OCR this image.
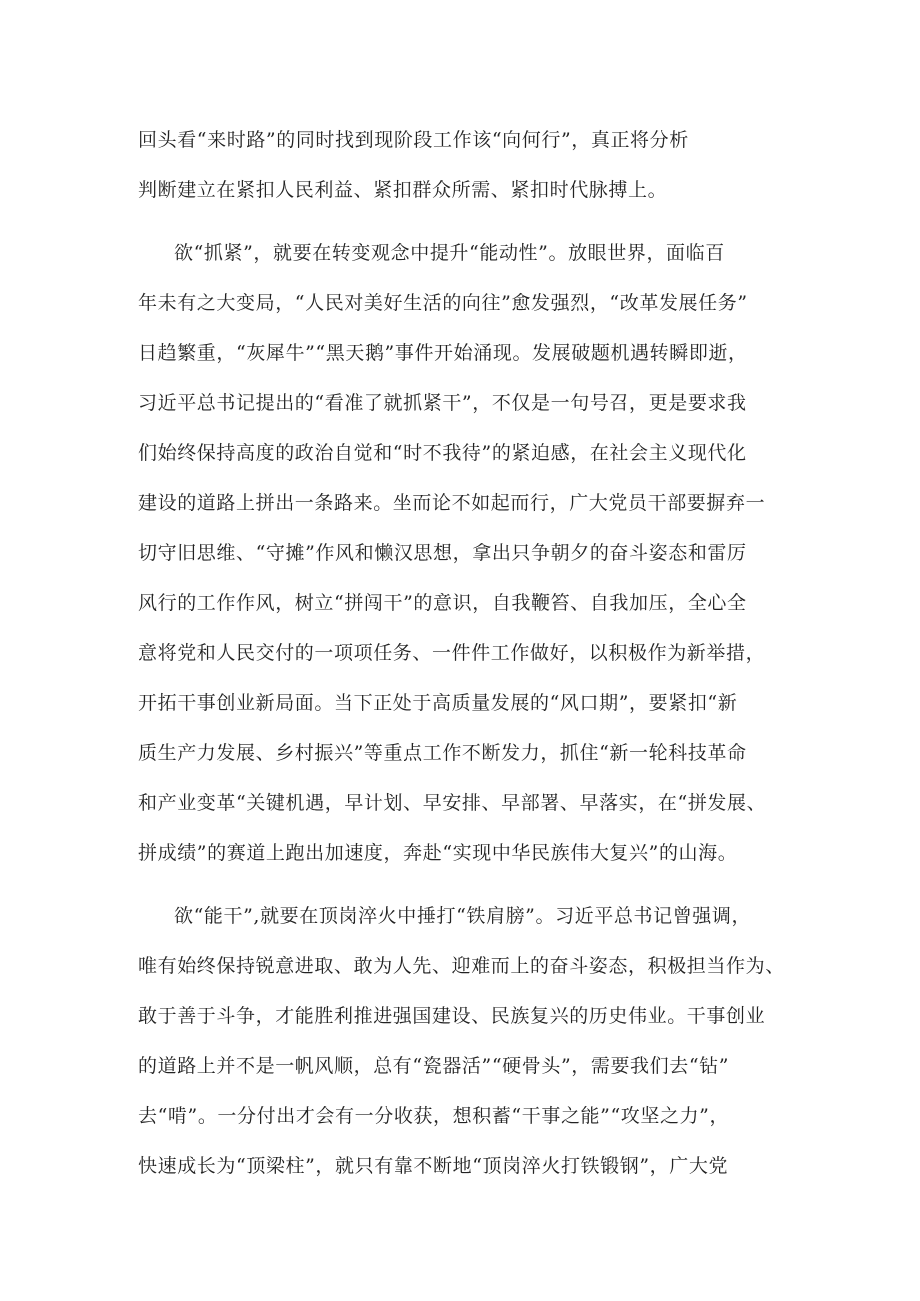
回头看“来时路”的同时找到现阶段工作该“向何行”，真正将分析
判断建立在紧扣人民利益、紧扣群众所需、紧扣时代脉搏上。
欲“抓紧”，就要在转变观念中提升“能动性”。放眼世界，面临百
年未有之大变局，“人民对美好生活的向往”愈发强烈，“改革发展任务”
日趋繁重，“灰犀牛”“黑天鹅”事件开始涌现。发展破题机遇转瞬即逝，
习近平总书记提出的“看准了就抓紧干”，不仅是一句号召，更是要求我
们始终保持高度的政治自觉和“时不我待”的紧迫感，在社会主义现代化
建设的道路上拼出一条路来。坐而论不如起而行，广大党员干部要摒弃一
切守旧思维、“守摊”作风和懒汉思想，拿出只争朝夕的奋斗姿态和雷厉
风行的工作作风，树立“拼闯干”的意识，自我鞭笞、自我加压，全心全
意将党和人民交付的一项项任务、一件件工作做好，以积极作为新举措，
开拓干事创业新局面。当下正处于高质量发展的“风口期”，要紧扣“新
质生产力发展、乡村振兴”等重点工作不断发力，抓住“新一轮科技革命
和产业变革“关键机遇，早计划、早安排、早部署、早落实，在“拼发展、
拼成绩”的赛道上跑出加速度，奔赴“实现中华民族伟大复兴”的山海。
欲“能干”,就要在顶岗淬火中捶打“铁肩膀”。习近平总书记曾强调，
唯有始终保持锐意进取、敢为人先、迎难而上的奋斗姿态，积极担当作为、
敢于善于斗争，才能胜利推进强国建设、民族复兴的历史伟业。干事创业
的道路上并不是一帆风顺，总有“瓷器活”“硬骨头”，需要我们去“钻”
去“啃”。一分付出才会有一分收获，想积蓄“干事之能”“攻坚之力”，
快速成长为“顶梁柱”，就只有靠不断地“顶岗淬火打铁锻钢”，广大党
